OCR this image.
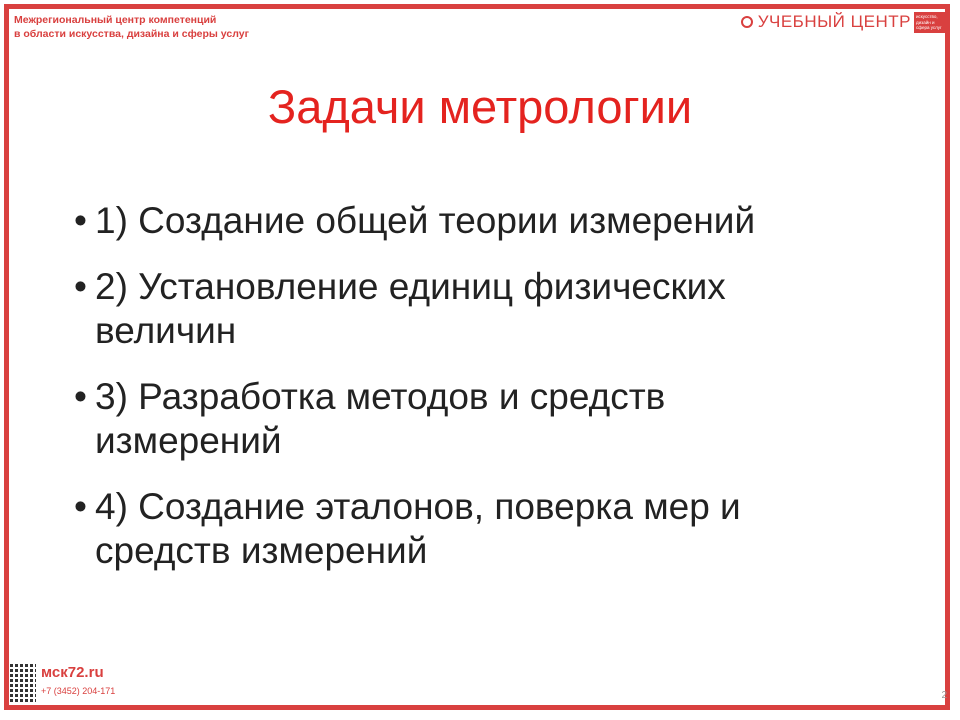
Межрегиональный центр компетенций
в области искусства, дизайна и сферы услуг
УЧЕБНЫЙ ЦЕНТР	искусство, дизайн и сфера услуг
Задачи метрологии
• 1) Создание общей теории измерений
• 2) Установление единиц физических величин
• 3) Разработка методов и средств измерений
• 4) Создание эталонов, поверка мер и средств измерений
мск72.ru
+7 (3452) 204-171	2
